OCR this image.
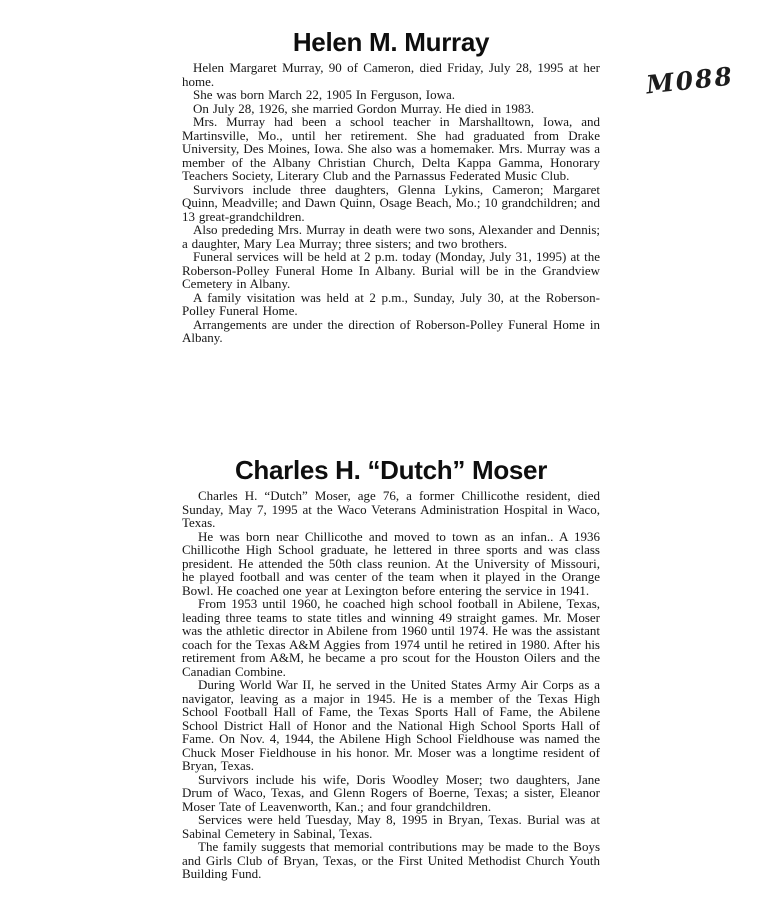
M088
Helen M. Murray

Helen Margaret Murray, 90 of Cameron, died Friday, July 28, 1995 at her home.

She was born March 22, 1905 In Ferguson, Iowa.

On July 28, 1926, she married Gordon Murray. He died in 1983.

Mrs. Murray had been a school teacher in Marshalltown, Iowa, and Martinsville, Mo., until her retirement. She had graduated from Drake University, Des Moines, Iowa. She also was a homemaker. Mrs. Murray was a member of the Albany Christian Church, Delta Kappa Gamma, Honorary Teachers Society, Literary Club and the Parnassus Federated Music Club.

Survivors include three daughters, Glenna Lykins, Cameron; Margaret Quinn, Meadville; and Dawn Quinn, Osage Beach, Mo.; 10 grandchildren; and 13 great-grandchildren.

Also prededing Mrs. Murray in death were two sons, Alexander and Dennis; a daughter, Mary Lea Murray; three sisters; and two brothers.

Funeral services will be held at 2 p.m. today (Monday, July 31, 1995) at the Roberson-Polley Funeral Home In Albany. Burial will be in the Grandview Cemetery in Albany.

A family visitation was held at 2 p.m., Sunday, July 30, at the Roberson-Polley Funeral Home.

Arrangements are under the direction of Roberson-Polley Funeral Home in Albany.

Charles H. “Dutch” Moser

Charles H. “Dutch” Moser, age 76, a former Chillicothe resident, died Sunday, May 7, 1995 at the Waco Veterans Administration Hospital in Waco, Texas.

He was born near Chillicothe and moved to town as an infan.. A 1936 Chillicothe High School graduate, he lettered in three sports and was class president. He attended the 50th class reunion. At the University of Missouri, he played football and was center of the team when it played in the Orange Bowl. He coached one year at Lexington before entering the service in 1941.

From 1953 until 1960, he coached high school football in Abilene, Texas, leading three teams to state titles and winning 49 straight games. Mr. Moser was the athletic director in Abilene from 1960 until 1974. He was the assistant coach for the Texas A&M Aggies from 1974 until he retired in 1980. After his retirement from A&M, he became a pro scout for the Houston Oilers and the Canadian Combine.

During World War II, he served in the United States Army Air Corps as a navigator, leaving as a major in 1945. He is a member of the Texas High School Football Hall of Fame, the Texas Sports Hall of Fame, the Abilene School District Hall of Honor and the National High School Sports Hall of Fame. On Nov. 4, 1944, the Abilene High School Fieldhouse was named the Chuck Moser Fieldhouse in his honor. Mr. Moser was a longtime resident of Bryan, Texas.

Survivors include his wife, Doris Woodley Moser; two daughters, Jane Drum of Waco, Texas, and Glenn Rogers of Boerne, Texas; a sister, Eleanor Moser Tate of Leavenworth, Kan.; and four grandchildren.

Services were held Tuesday, May 8, 1995 in Bryan, Texas. Burial was at Sabinal Cemetery in Sabinal, Texas.

The family suggests that memorial contributions may be made to the Boys and Girls Club of Bryan, Texas, or the First United Methodist Church Youth Building Fund.
